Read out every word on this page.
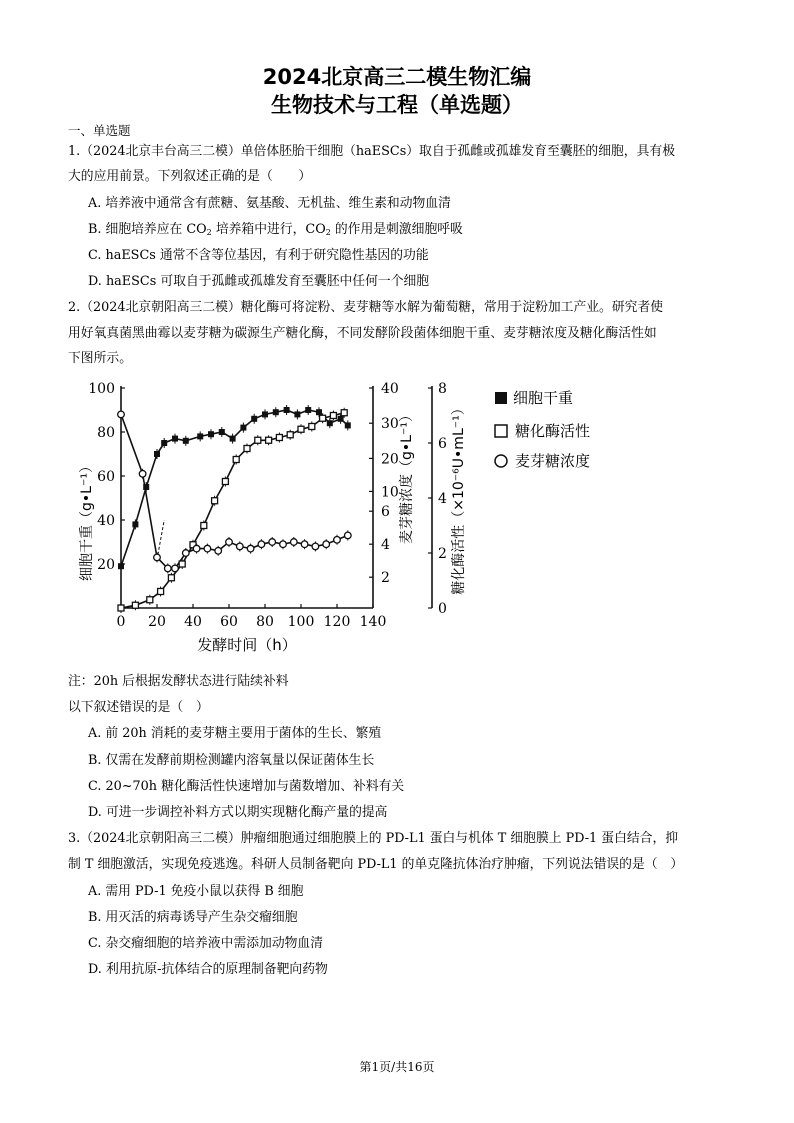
2024北京高三二模生物汇编
生物技术与工程（单选题）
一、单选题
1.（2024北京丰台高三二模）单倍体胚胎干细胞（haESCs）取自于孤雌或孤雄发育至囊胚的细胞，具有极
大的应用前景。下列叙述正确的是（　　）
A. 培养液中通常含有蔗糖、氨基酸、无机盐、维生素和动物血清
B. 细胞培养应在 $CO_2$ 培养箱中进行，$CO_2$ 的作用是刺激细胞呼吸
C. haESCs 通常不含等位基因，有利于研究隐性基因的功能
D. haESCs 可取自于孤雌或孤雄发育至囊胚中任何一个细胞
2.（2024北京朝阳高三二模）糖化酶可将淀粉、麦芽糖等水解为葡萄糖，常用于淀粉加工产业。研究者使
用好氧真菌黑曲霉以麦芽糖为碳源生产糖化酶，不同发酵阶段菌体细胞干重、麦芽糖浓度及糖化酶活性如
下图所示。
0 20 40 60 80 100 120 140
20
40
60
80
100
2
4
6
10
20
30
40
0
2
4
6
8
发酵时间（h）
细胞干重（g•L⁻¹）	麦芽糖浓度（g•L⁻¹）	糖化酶活性（×10⁻⁶U•mL⁻¹）
细胞干重
糖化酶活性
麦芽糖浓度
注：20h 后根据发酵状态进行陆续补料
以下叙述错误的是（　）
A. 前 20h 消耗的麦芽糖主要用于菌体的生长、繁殖
B. 仅需在发酵前期检测罐内溶氧量以保证菌体生长
C. 20~70h 糖化酶活性快速增加与菌数增加、补料有关
D. 可进一步调控补料方式以期实现糖化酶产量的提高
3.（2024北京朝阳高三二模）肿瘤细胞通过细胞膜上的 PD-L1 蛋白与机体 T 细胞膜上 PD-1 蛋白结合，抑
制 T 细胞激活，实现免疫逃逸。科研人员制备靶向 PD-L1 的单克隆抗体治疗肿瘤，下列说法错误的是（　）
A. 需用 PD-1 免疫小鼠以获得 B 细胞
B. 用灭活的病毒诱导产生杂交瘤细胞
C. 杂交瘤细胞的培养液中需添加动物血清
D. 利用抗原-抗体结合的原理制备靶向药物
第1页/共16页
